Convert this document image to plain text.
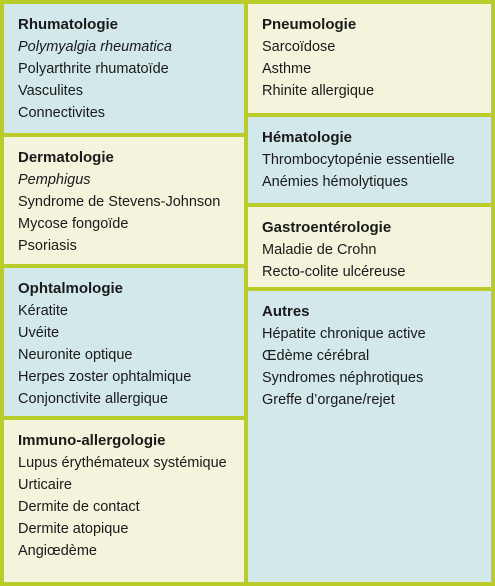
Rhumatologie
Polymyalgia rheumatica
Polyarthrite rhumatoïde
Vasculites
Connectivites
Dermatologie
Pemphigus
Syndrome de Stevens-Johnson
Mycose fongoïde
Psoriasis
Ophtalmologie
Kératite
Uvéite
Neuronite optique
Herpes zoster ophtalmique
Conjonctivite allergique
Immuno-allergologie
Lupus érythémateux systémique
Urticaire
Dermite de contact
Dermite atopique
Angiœdème
Pneumologie
Sarcoïdose
Asthme
Rhinite allergique
Hématologie
Thrombocytopénie essentielle
Anémies hémolytiques
Gastroentérologie
Maladie de Crohn
Recto-colite ulcéreuse
Autres
Hépatite chronique active
Œdème cérébral
Syndromes néphrotiques
Greffe d’organe/rejet
